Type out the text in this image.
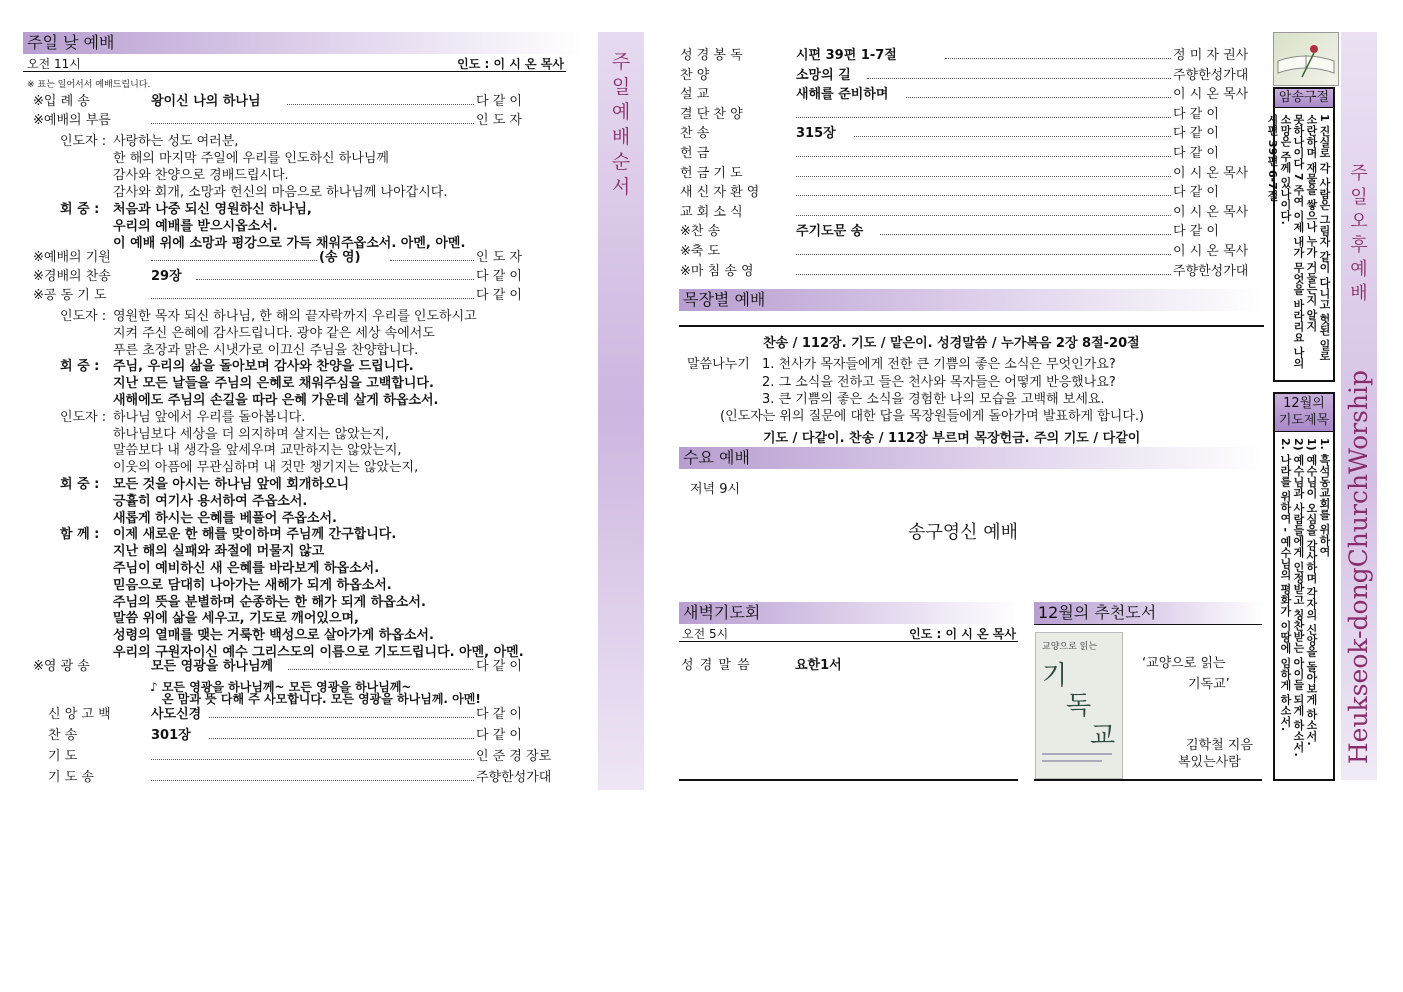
주일 낮 예배
오전 11시	인도 : 이 시 온 목사
※ 표는 일어서서 예배드립니다.
※입 례 송	왕이신 나의 하나님	다 같 이
※예배의 부름	인 도 자
인도자 : 사랑하는 성도 여러분,
한 해의 마지막 주일에 우리를 인도하신 하나님께
감사와 찬양으로 경배드립시다.
감사와 회개, 소망과 헌신의 마음으로 하나님께 나아갑시다.
회 중 : 처음과 나중 되신 영원하신 하나님,
우리의 예배를 받으시옵소서.
이 예배 위에 소망과 평강으로 가득 채워주옵소서. 아멘, 아멘.
※예배의 기원	(송 영)	인 도 자
※경배의 찬송	29장	다 같 이
※공 동 기 도	다 같 이
인도자 : 영원한 목자 되신 하나님, 한 해의 끝자락까지 우리를 인도하시고
지켜 주신 은혜에 감사드립니다. 광야 같은 세상 속에서도
푸른 초장과 맑은 시냇가로 이끄신 주님을 찬양합니다.
회 중 : 주님, 우리의 삶을 돌아보며 감사와 찬양을 드립니다.
지난 모든 날들을 주님의 은혜로 채워주심을 고백합니다.
새해에도 주님의 손길을 따라 은혜 가운데 살게 하옵소서.
인도자 : 하나님 앞에서 우리를 돌아봅니다.
하나님보다 세상을 더 의지하며 살지는 않았는지,
말씀보다 내 생각을 앞세우며 교만하지는 않았는지,
이웃의 아픔에 무관심하며 내 것만 챙기지는 않았는지,
회 중 : 모든 것을 아시는 하나님 앞에 회개하오니
긍휼히 여기사 용서하여 주옵소서.
새롭게 하시는 은혜를 베풀어 주옵소서.
함 께 : 이제 새로운 한 해를 맞이하며 주님께 간구합니다.
지난 해의 실패와 좌절에 머물지 않고
주님이 예비하신 새 은혜를 바라보게 하옵소서.
믿음으로 담대히 나아가는 새해가 되게 하옵소서.
주님의 뜻을 분별하며 순종하는 한 해가 되게 하옵소서.
말씀 위에 삶을 세우고, 기도로 깨어있으며,
성령의 열매를 맺는 거룩한 백성으로 살아가게 하옵소서.
우리의 구원자이신 예수 그리스도의 이름으로 기도드립니다. 아멘, 아멘.
※영 광 송	모든 영광을 하나님께	다 같 이
♪ 모든 영광을 하나님께~ 모든 영광을 하나님께~
온 맘과 뜻 다해 주 사모합니다. 모든 영광을 하나님께. 아멘!
신 앙 고 백	사도신경	다 같 이
찬 송	301장	다 같 이
기 도	인 준 경 장로
기 도 송	주향한성가대
주
일
예
배
순
서
성 경 봉 독	시편 39편 1-7절	정 미 자 권사
찬 양	소망의 길	주향한성가대
설 교	새해를 준비하며	이 시 온 목사
결 단 찬 양	다 같 이
찬 송	315장	다 같 이
헌 금	다 같 이
헌 금 기 도	이 시 온 목사
새 신 자 환 영	다 같 이
교 회 소 식	이 시 온 목사
※찬 송	주기도문 송	다 같 이
※축 도	이 시 온 목사
※마 침 송 영	주향한성가대
목장별 예배
찬송 / 112장. 기도 / 맡은이. 성경말씀 / 누가복음 2장 8절-20절
말씀나누기 1. 천사가 목자들에게 전한 큰 기쁨의 좋은 소식은 무엇인가요?
2. 그 소식을 전하고 들은 천사와 목자들은 어떻게 반응했나요?
3. 큰 기쁨의 좋은 소식을 경험한 나의 모습을 고백해 보세요.
(인도자는 위의 질문에 대한 답을 목장원들에게 돌아가며 발표하게 합니다.)
기도 / 다같이. 찬송 / 112장 부르며 목장헌금. 주의 기도 / 다같이
수요 예배
저녁 9시
송구영신 예배
새벽기도회
오전 5시	인도 : 이 시 온 목사
성 경 말 씀	요한1서
12월의 추천도서
교양으로 읽는
기
독
교
‘교양으로 읽는
기독교’
김학철 지음
복있는사람
암송구절
1 진실로 각 사람은 그림자 같이 다니고 헛된 일로
소란하며 재물을 쌓으나 누가 거둘는지 알지
못하나이다 7 주여 이제 내가 무엇을 바라리요 나의
소망은 주께 있나이다.
시편 39편 6-7절
12월의
기도제목
1. 흑석동교회를 위하여
1) 예수님이 오심을 감사하며 각자의 신앙을 돌아보게 하소서.
2) 예수님과 사람들에게 인정받고 칭찬받는 아이들 되게 하소서.
2. 나라를 위하여 - 예수님의 평화가 이땅에 임하게 하소서.
주
일
오
후
예
배
Heukseok-dongChurchWorship
